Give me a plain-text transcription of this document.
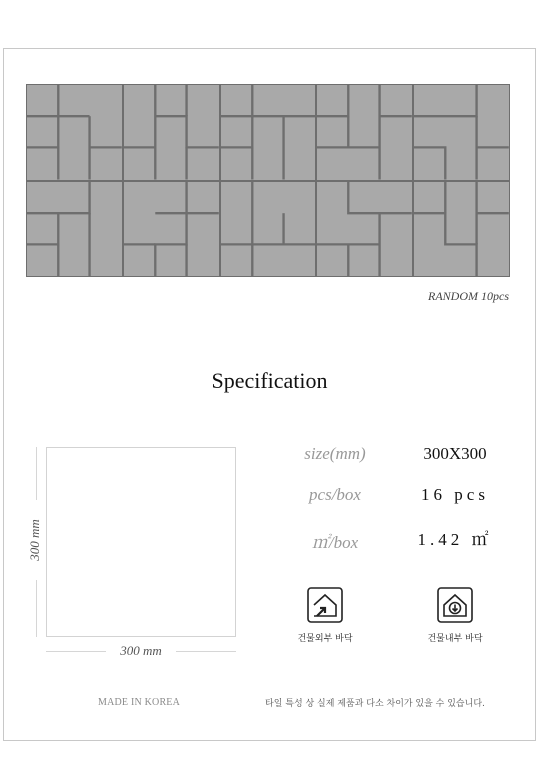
RANDOM 10pcs
Specification
300 mm
300 mm
size(mm)	300X300
pcs/box	16 pcs
㎡/box	1.42 ㎡
건물외부 바닥	건물내부 바닥
MADE IN KOREA	타일 특성 상 실제 제품과 다소 차이가 있을 수 있습니다.
